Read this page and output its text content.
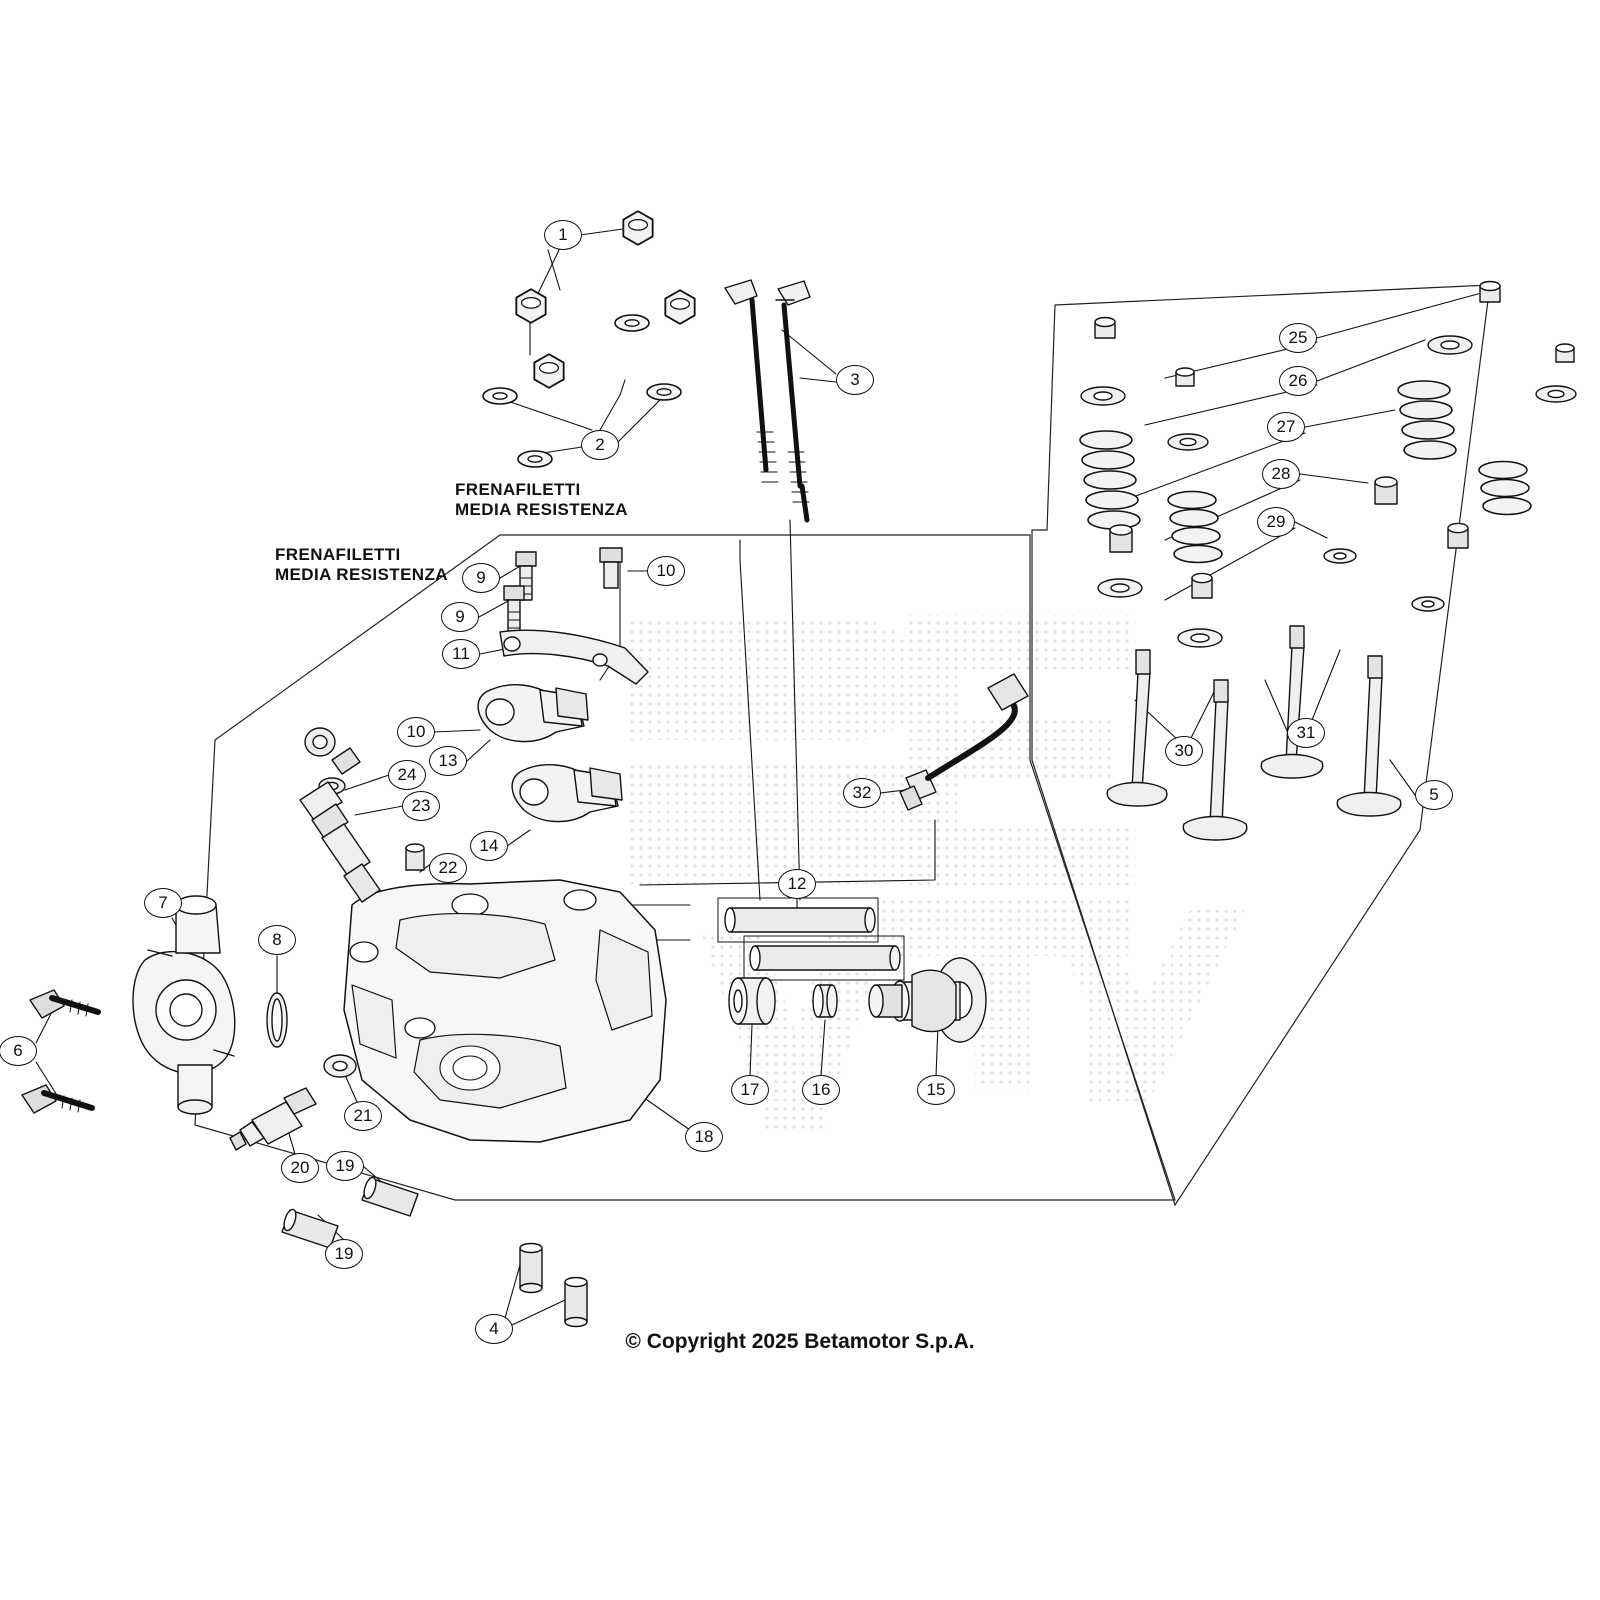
FRENAFILETTI
MEDIA RESISTENZA
FRENAFILETTI
MEDIA RESISTENZA
1
2
3
4
5
6
7
8
9
9
10
10
11
12
13
14
15
16
17
18
19
19
20
21
22
23
24
25
26
27
28
29
30
31
32
© Copyright 2025 Betamotor S.p.A.
